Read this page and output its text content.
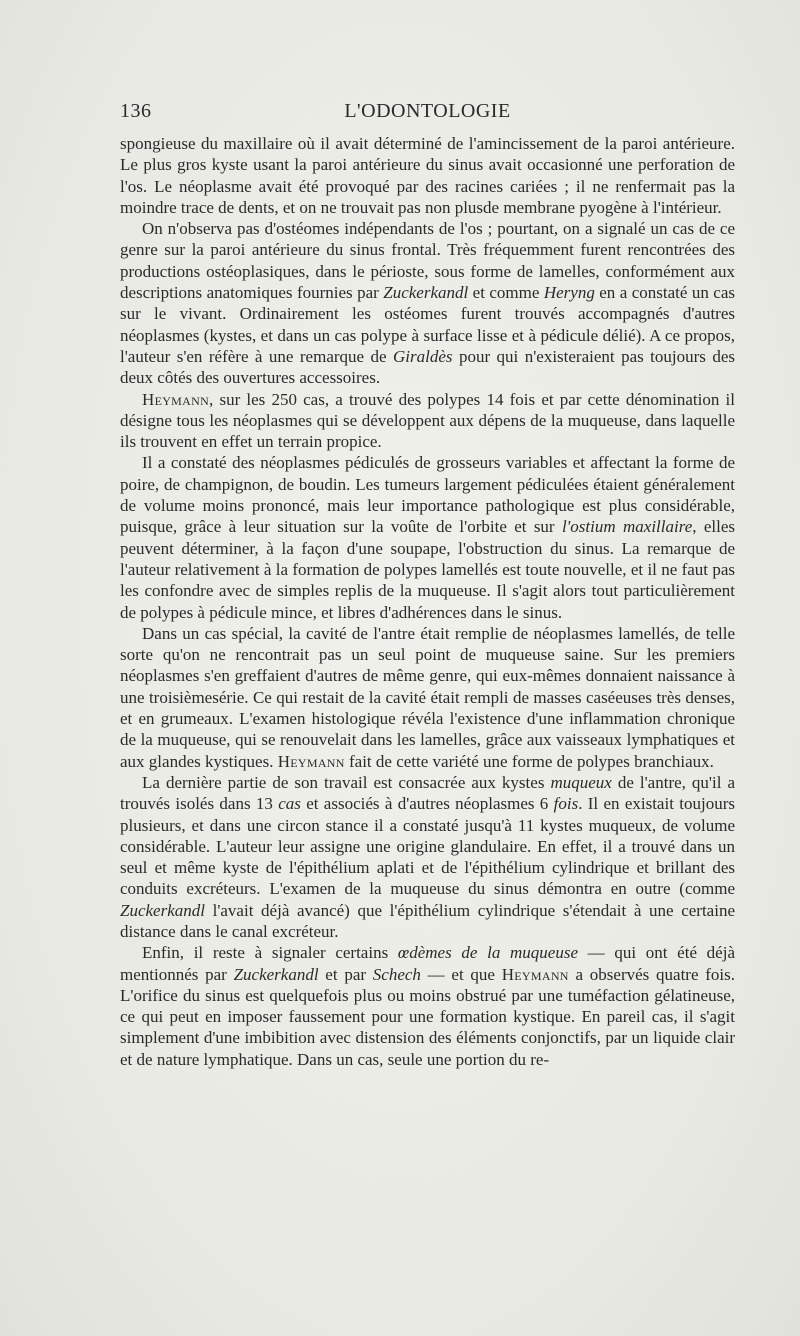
136	L'ODONTOLOGIE

spongieuse du maxillaire où il avait déterminé de l'amincissement de la paroi antérieure. Le plus gros kyste usant la paroi antérieure du sinus avait occasionné une perforation de l'os. Le néoplasme avait été provoqué par des racines cariées ; il ne renfermait pas la moindre trace de dents, et on ne trouvait pas non plusde membrane pyogène à l'intérieur.

On n'observa pas d'ostéomes indépendants de l'os ; pourtant, on a signalé un cas de ce genre sur la paroi antérieure du sinus frontal. Très fréquemment furent rencontrées des productions ostéoplasiques, dans le périoste, sous forme de lamelles, conformément aux descriptions anatomiques fournies par Zuckerkandl et comme Heryng en a constaté un cas sur le vivant. Ordinairement les ostéomes furent trouvés accompagnés d'autres néoplasmes (kystes, et dans un cas polype à surface lisse et à pédicule délié). A ce propos, l'auteur s'en réfère à une remarque de Giraldès pour qui n'existeraient pas toujours des deux côtés des ouvertures accessoires.

Heymann, sur les 250 cas, a trouvé des polypes 14 fois et par cette dénomination il désigne tous les néoplasmes qui se développent aux dépens de la muqueuse, dans laquelle ils trouvent en effet un terrain propice.

Il a constaté des néoplasmes pédiculés de grosseurs variables et affectant la forme de poire, de champignon, de boudin. Les tumeurs largement pédiculées étaient généralement de volume moins prononcé, mais leur importance pathologique est plus considérable, puisque, grâce à leur situation sur la voûte de l'orbite et sur l'ostium maxillaire, elles peuvent déterminer, à la façon d'une soupape, l'obstruction du sinus. La remarque de l'auteur relativement à la formation de polypes lamellés est toute nouvelle, et il ne faut pas les confondre avec de simples replis de la muqueuse. Il s'agit alors tout particulièrement de polypes à pédicule mince, et libres d'adhérences dans le sinus.

Dans un cas spécial, la cavité de l'antre était remplie de néoplasmes lamellés, de telle sorte qu'on ne rencontrait pas un seul point de muqueuse saine. Sur les premiers néoplasmes s'en greffaient d'autres de même genre, qui eux-mêmes donnaient naissance à une troisièmesérie. Ce qui restait de la cavité était rempli de masses caséeuses très denses, et en grumeaux. L'examen histologique révéla l'existence d'une inflammation chronique de la muqueuse, qui se renouvelait dans les lamelles, grâce aux vaisseaux lymphatiques et aux glandes kystiques. Heymann fait de cette variété une forme de polypes branchiaux.

La dernière partie de son travail est consacrée aux kystes muqueux de l'antre, qu'il a trouvés isolés dans 13 cas et associés à d'autres néoplasmes 6 fois. Il en existait toujours plusieurs, et dans une circon stance il a constaté jusqu'à 11 kystes muqueux, de volume considérable. L'auteur leur assigne une origine glandulaire. En effet, il a trouvé dans un seul et même kyste de l'épithélium aplati et de l'épithélium cylindrique et brillant des conduits excréteurs. L'examen de la muqueuse du sinus démontra en outre (comme Zuckerkandl l'avait déjà avancé) que l'épithélium cylindrique s'étendait à une certaine distance dans le canal excréteur.

Enfin, il reste à signaler certains œdèmes de la muqueuse — qui ont été déjà mentionnés par Zuckerkandl et par Schech — et que Heymann a observés quatre fois. L'orifice du sinus est quelquefois plus ou moins obstrué par une tuméfaction gélatineuse, ce qui peut en imposer faussement pour une formation kystique. En pareil cas, il s'agit simplement d'une imbibition avec distension des éléments conjonctifs, par un liquide clair et de nature lymphatique. Dans un cas, seule une portion du re-
